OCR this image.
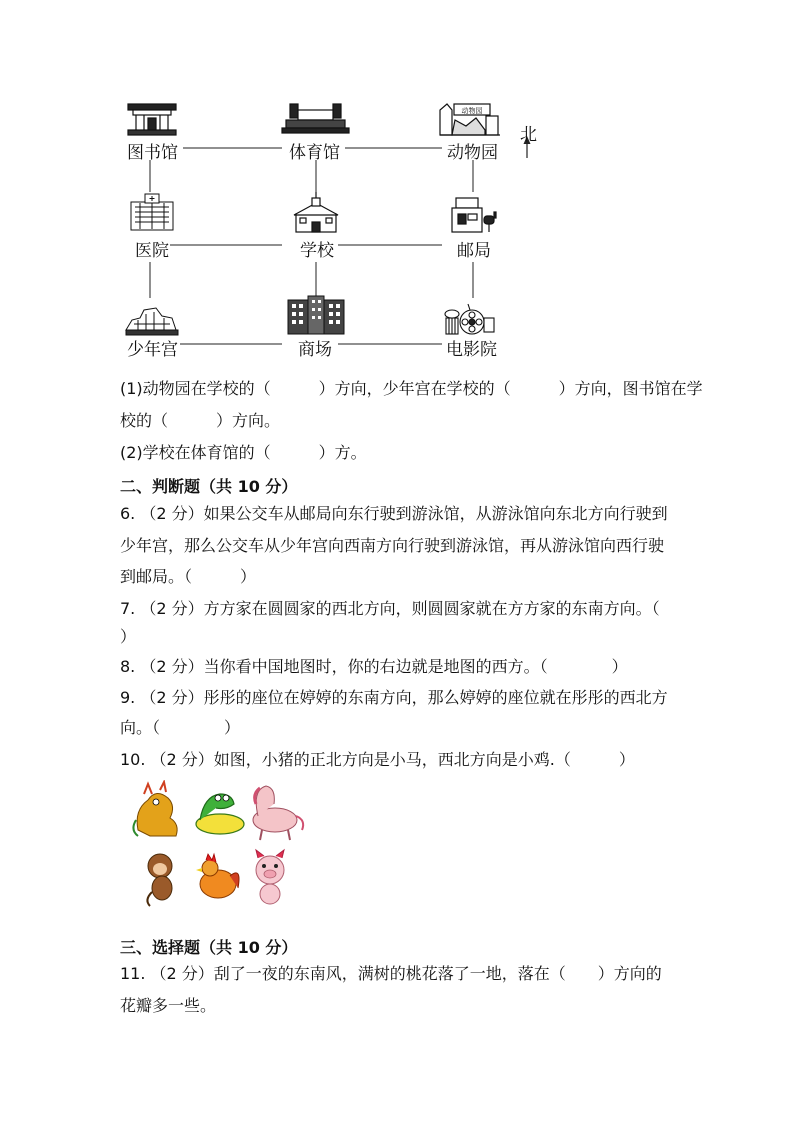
动物园
图书馆	体育馆	动物园
北
医院	学校	邮局
少年宫	商场	电影院
(1)动物园在学校的（　　　）方向，少年宫在学校的（　　　）方向，图书馆在学
校的（　　　）方向。
(2)学校在体育馆的（　　　）方。
二、判断题（共 10 分）
6. （2 分）如果公交车从邮局向东行驶到游泳馆，从游泳馆向东北方向行驶到
少年宫，那么公交车从少年宫向西南方向行驶到游泳馆，再从游泳馆向西行驶
到邮局。（　　　）
7. （2 分）方方家在圆圆家的西北方向，则圆圆家就在方方家的东南方向。（
）
8. （2 分）当你看中国地图时，你的右边就是地图的西方。（　　　　）
9. （2 分）彤彤的座位在婷婷的东南方向，那么婷婷的座位就在彤彤的西北方
向。（　　　　）
10. （2 分）如图，小猪的正北方向是小马，西北方向是小鸡.（　　　）
三、选择题（共 10 分）
11. （2 分）刮了一夜的东南风，满树的桃花落了一地，落在（　　）方向的
花瓣多一些。
